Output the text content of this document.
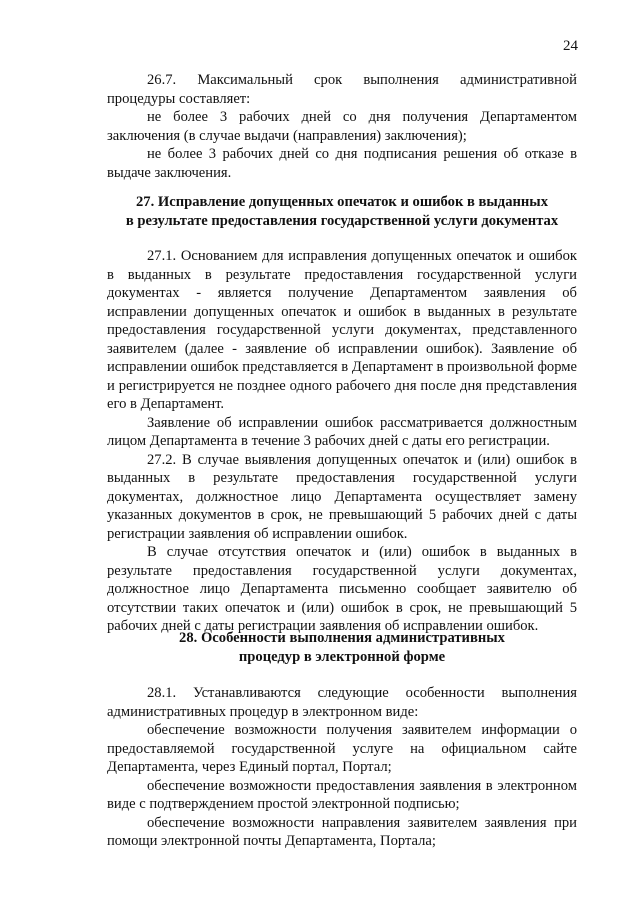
24

26.7. Максимальный срок выполнения административной процедуры составляет:

не более 3 рабочих дней со дня получения Департаментом заключения (в случае выдачи (направления) заключения);

не более 3 рабочих дней со дня подписания решения об отказе в выдаче заключения.

27. Исправление допущенных опечаток и ошибок в выданных

в результате предоставления государственной услуги документах

27.1. Основанием для исправления допущенных опечаток и ошибок в выданных в результате предоставления государственной услуги документах - является получение Департаментом заявления об исправлении допущенных опечаток и ошибок в выданных в результате предоставления государственной услуги документах, представленного заявителем (далее - заявление об исправлении ошибок). Заявление об исправлении ошибок представляется в Департамент в произвольной форме и регистрируется не позднее одного рабочего дня после дня представления его в Департамент.

Заявление об исправлении ошибок рассматривается должностным лицом Департамента в течение 3 рабочих дней с даты его регистрации.

27.2. В случае выявления допущенных опечаток и (или) ошибок в выданных в результате предоставления государственной услуги документах, должностное лицо Департамента осуществляет замену указанных документов в срок, не превышающий 5 рабочих дней с даты регистрации заявления об исправлении ошибок.

В случае отсутствия опечаток и (или) ошибок в выданных в результате предоставления государственной услуги документах, должностное лицо Департамента письменно сообщает заявителю об отсутствии таких опечаток и (или) ошибок в срок, не превышающий 5 рабочих дней с даты регистрации заявления об исправлении ошибок.

28. Особенности выполнения административных

процедур в электронной форме

28.1. Устанавливаются следующие особенности выполнения административных процедур в электронном виде:

обеспечение возможности получения заявителем информации о предоставляемой государственной услуге на официальном сайте Департамента, через Единый портал, Портал;

обеспечение возможности предоставления заявления в электронном виде с подтверждением простой электронной подписью;

обеспечение возможности направления заявителем заявления при помощи электронной почты Департамента, Портала;
